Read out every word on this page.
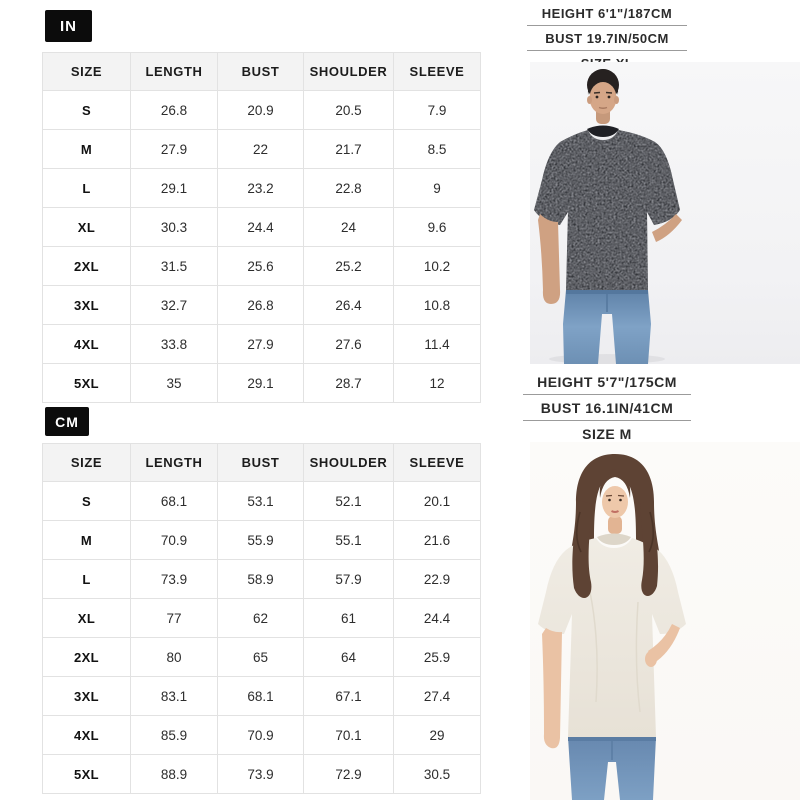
IN
SIZE	LENGTH	BUST	SHOULDER	SLEEVE
S	26.8	20.9	20.5	7.9
M	27.9	22	21.7	8.5
L	29.1	23.2	22.8	9
XL	30.3	24.4	24	9.6
2XL	31.5	25.6	25.2	10.2
3XL	32.7	26.8	26.4	10.8
4XL	33.8	27.9	27.6	11.4
5XL	35	29.1	28.7	12
CM
SIZE	LENGTH	BUST	SHOULDER	SLEEVE
S	68.1	53.1	52.1	20.1
M	70.9	55.9	55.1	21.6
L	73.9	58.9	57.9	22.9
XL	77	62	61	24.4
2XL	80	65	64	25.9
3XL	83.1	68.1	67.1	27.4
4XL	85.9	70.9	70.1	29
5XL	88.9	73.9	72.9	30.5
HEIGHT 6'1"/187CM
BUST 19.7IN/50CM
HEIGHT 5'7"/175CM
BUST 16.1IN/41CM
SIZE M
